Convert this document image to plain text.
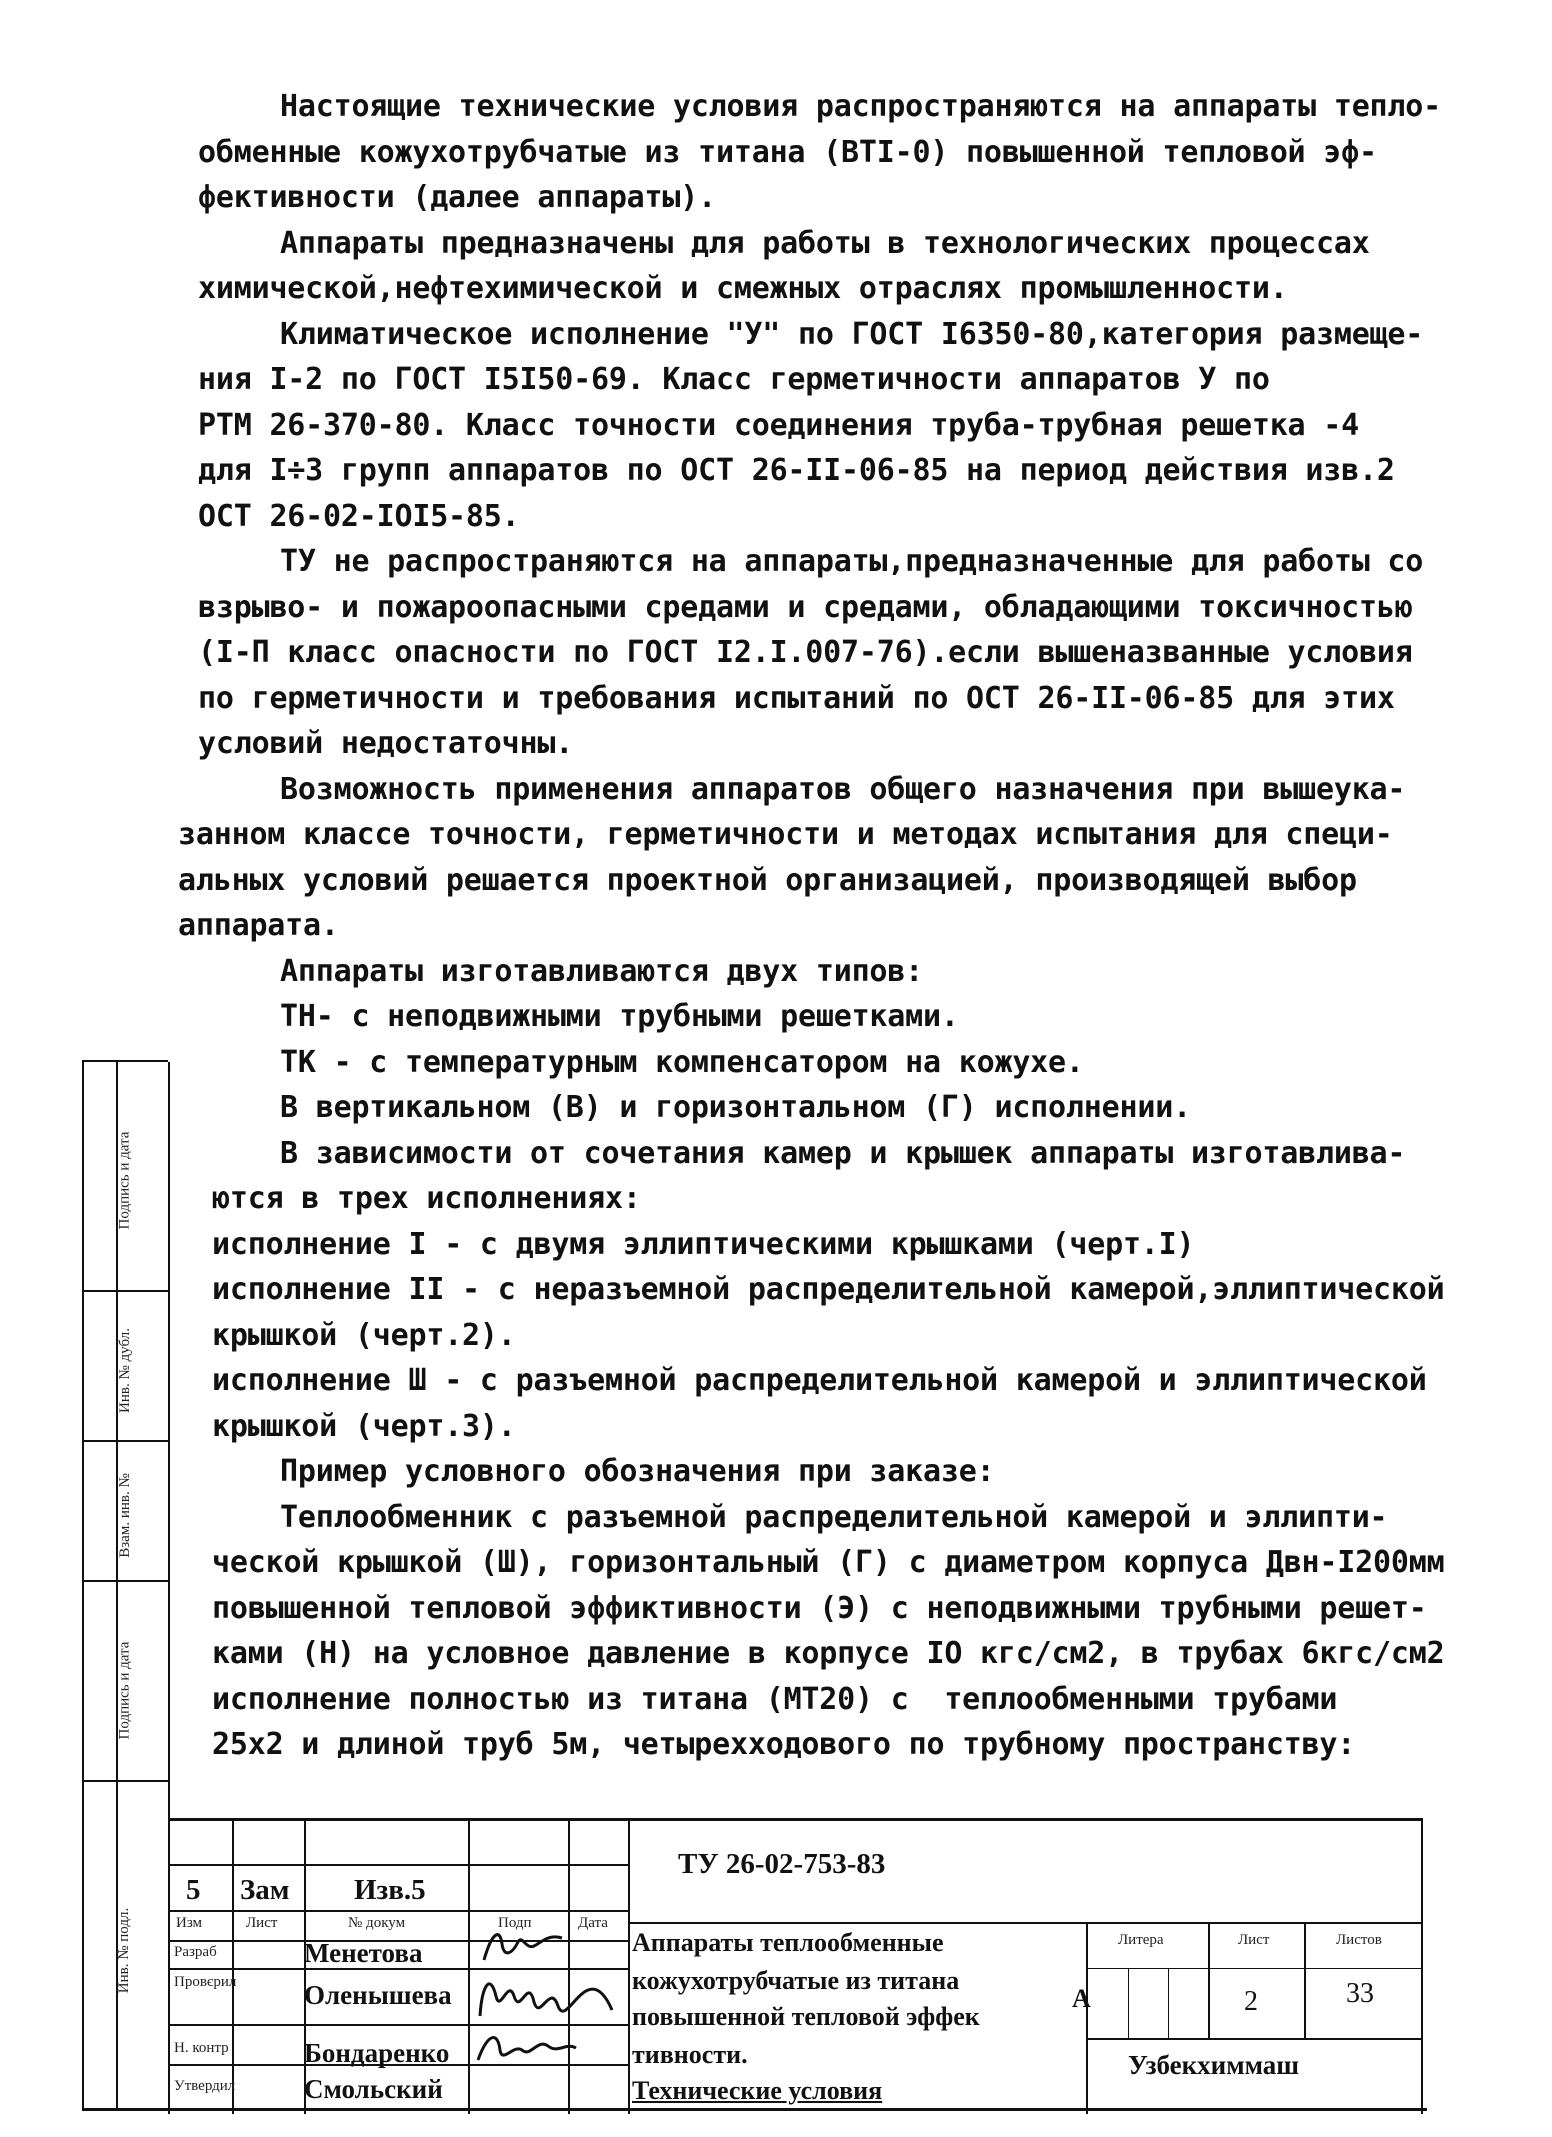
Настоящие технические условия распространяются на аппараты тепло-

обменные кожухотрубчатые из титана (ВТI-0) повышенной тепловой эф-

фективности (далее аппараты).

Аппараты предназначены для работы в технологических процессах

химической,нефтехимической и смежных отраслях промышленности.

Климатическое исполнение "У" по ГОСТ I6350-80,категория размеще-

ния I-2 по ГОСТ I5I50-69. Класс герметичности аппаратов У по

РТМ 26-370-80. Класс точности соединения труба-трубная решетка -4

для I÷3 групп аппаратов по ОСТ 26-II-06-85 на период действия изв.2

ОСТ 26-02-IOI5-85.

ТУ не распространяются на аппараты,предназначенные для работы со

взрыво- и пожароопасными средами и средами, обладающими токсичностью

(I-П класс опасности по ГОСТ I2.I.007-76).если вышеназванные условия

по герметичности и требования испытаний по ОСТ 26-II-06-85 для этих

условий недостаточны.

Возможность применения аппаратов общего назначения при вышеука-

занном классе точности, герметичности и методах испытания для специ-

альных условий решается проектной организацией, производящей выбор

аппарата.

Аппараты изготавливаются двух типов:

ТН- с неподвижными трубными решетками.

ТК - с температурным компенсатором на кожухе.

В вертикальном (В) и горизонтальном (Г) исполнении.

В зависимости от сочетания камер и крышек аппараты изготавлива-

ются в трех исполнениях:

исполнение I - с двумя эллиптическими крышками (черт.I)

исполнение II - с неразъемной распределительной камерой,эллиптической

крышкой (черт.2).

исполнение Ш - с разъемной распределительной камерой и эллиптической

крышкой (черт.3).

Пример условного обозначения при заказе:

Теплообменник с разъемной распределительной камерой и эллипти-

ческой крышкой (Ш), горизонтальный (Г) с диаметром корпуса Двн-I200мм

повышенной тепловой эффиктивности (Э) с неподвижными трубными решет-

ками (Н) на условное давление в корпусе IO кгс/см2, в трубах 6кгс/см2

исполнение полностью из титана (МТ20) с  теплообменными трубами

25х2 и длиной труб 5м, четырехходового по трубному пространству:

Подпись и дата
Инв. № дубл.
Взам. инв. №
Подпись и дата
Инв. № подл.
ТУ 26-02-753-83
5 Зам Изв.5
Изм	Лист	№ докум	Подп	Дата
Разраб	Менетова
Провєрил	Оленышева
Н. контр	Бондаренко
Утвердил	Смольский
Аппараты теплообменные
кожухотрубчатые из титана
повышенной тепловой эффек
тивности.
Технические условия
Литера	Лист	Листов
А	2	33
Узбекхиммаш
